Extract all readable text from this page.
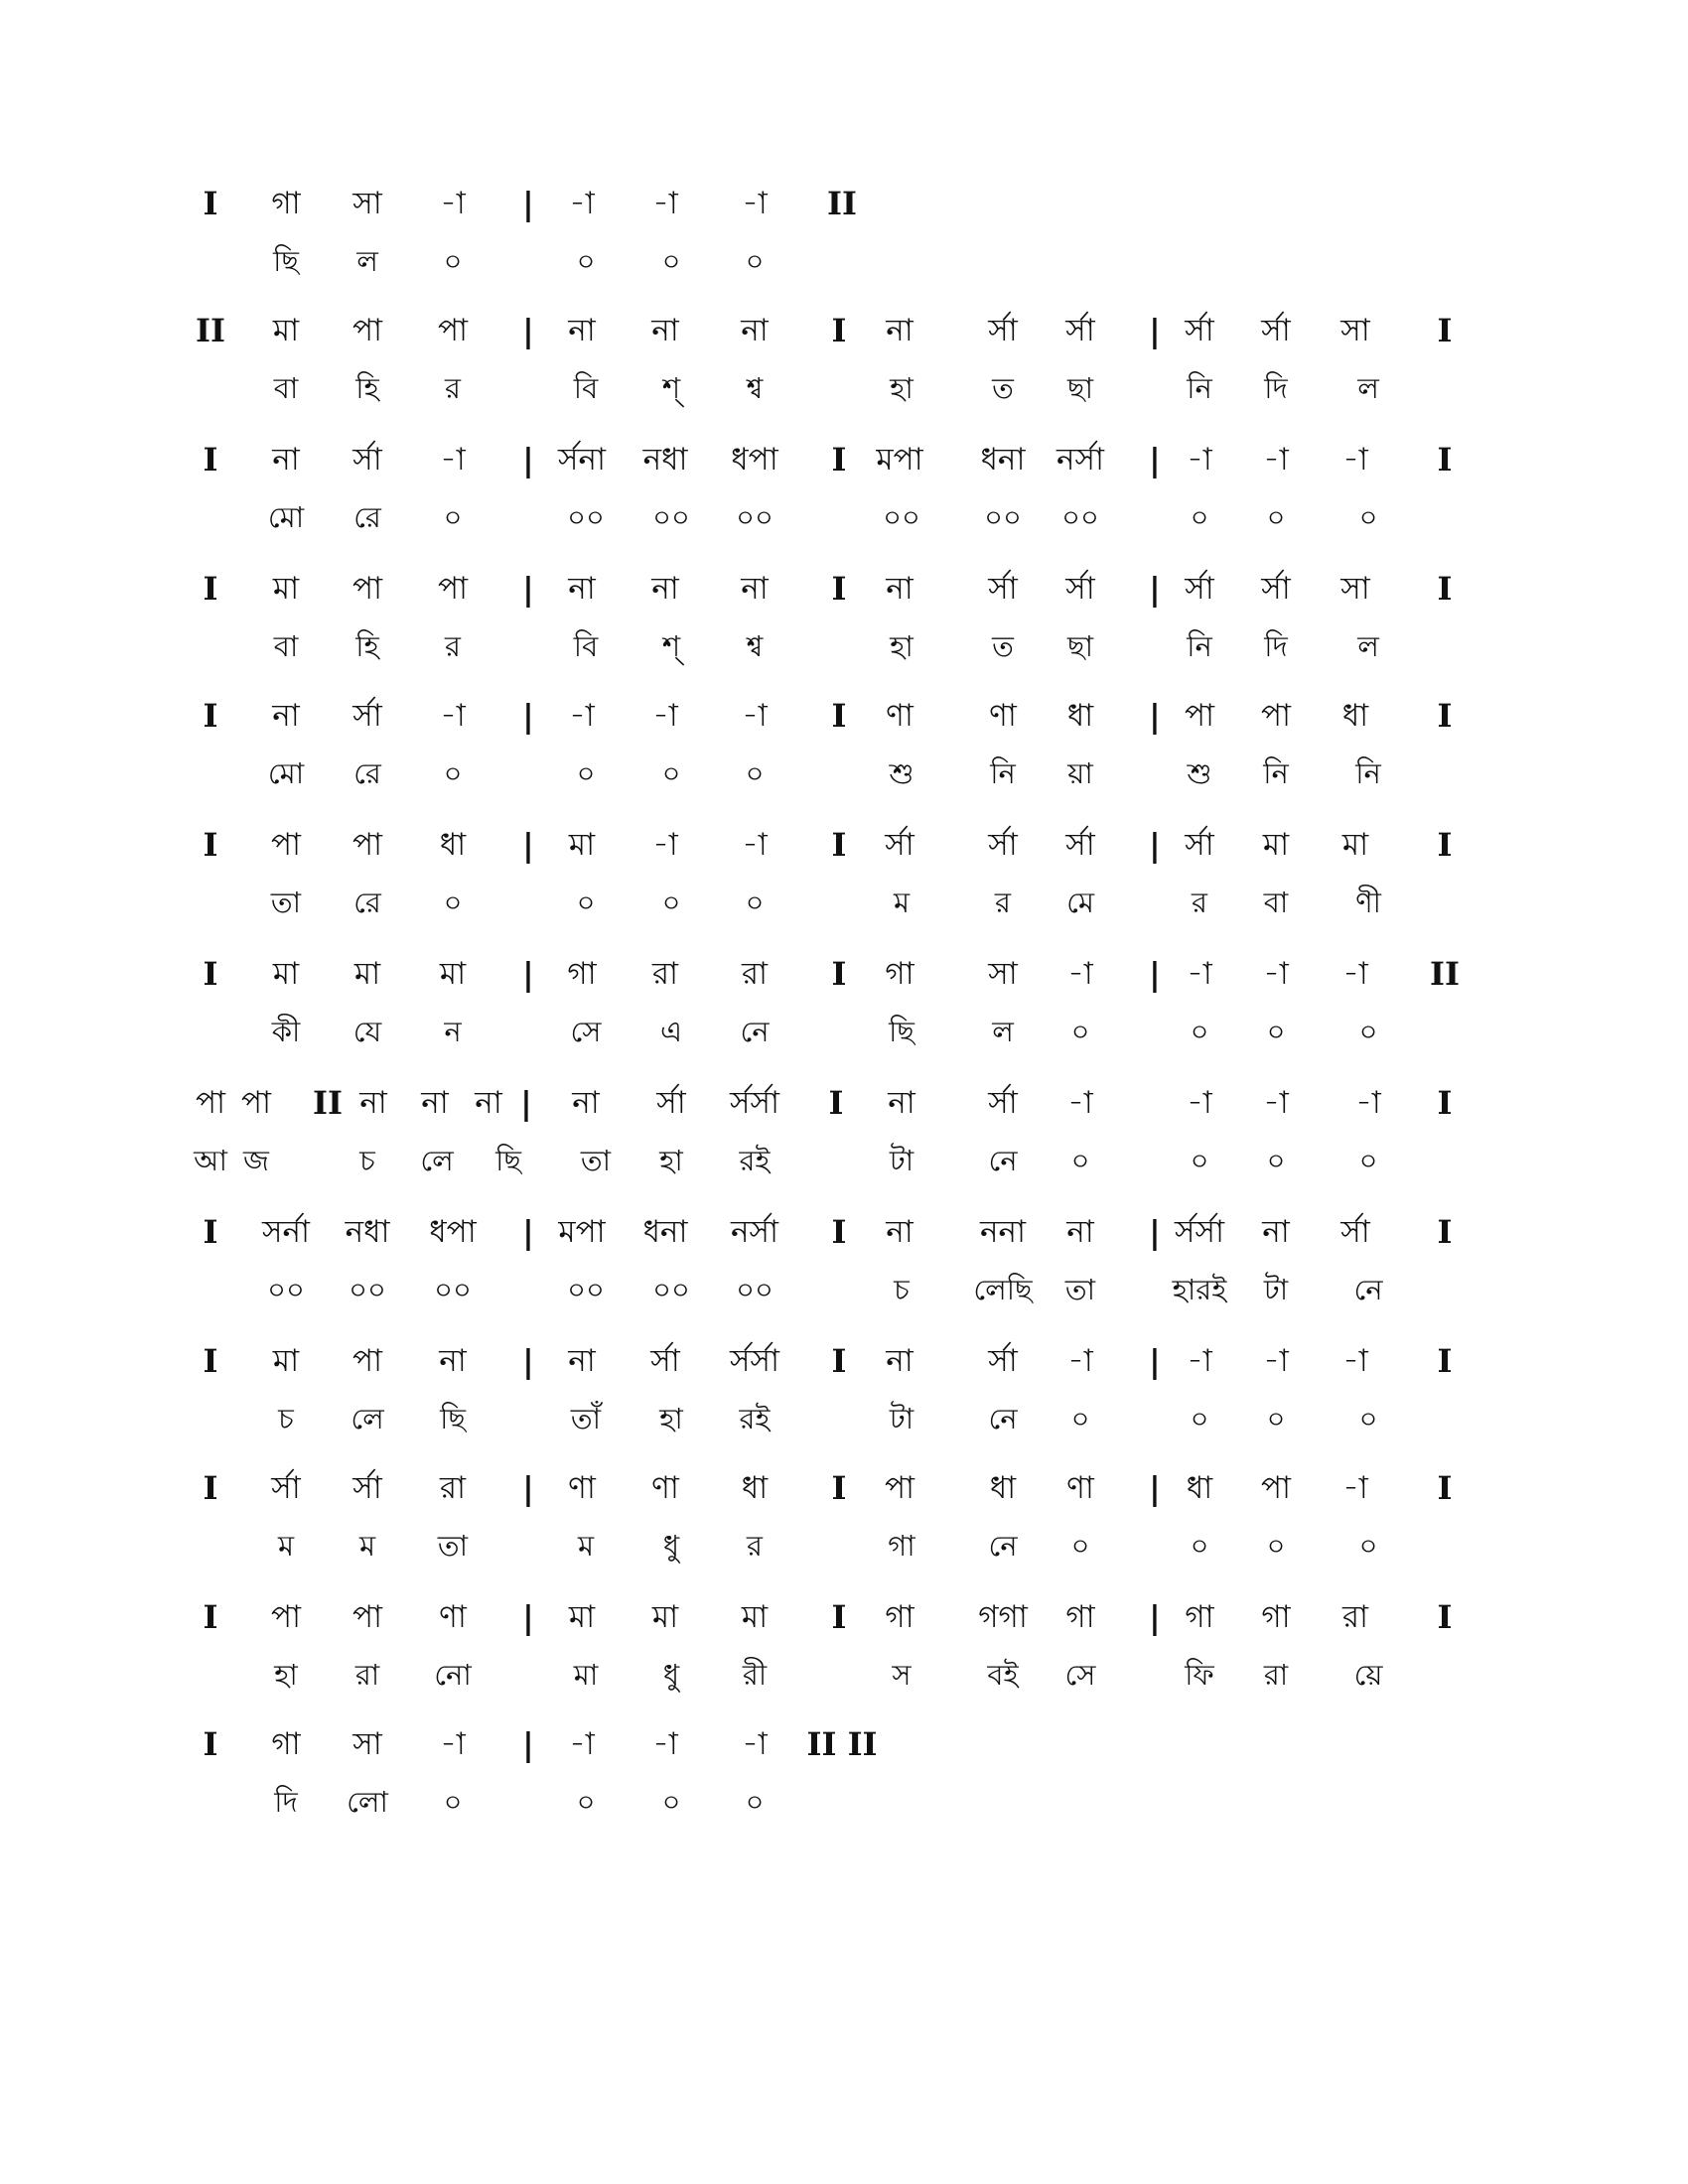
I গা সা -া | -া -া -া II
ছি ল ০	০ ০ ০
II মা পা পা | না না না I না র্সা র্সা | র্সা র্সা সা I
বা হি র	বি শ্ শ্ব	হা	ত ছা	নি দি ল
I না র্সা -া | র্সনা নধা ধপা I মপা ধনা নর্সা | -া -া -া I
মো রে ০	০০ ০০ ০০	০০ ০০ ০০	০ ০	০
I মা পা পা | না না না I না র্সা র্সা | র্সা র্সা সা I
বা হি র	বি শ্ শ্ব	হা	ত ছা	নি দি ল
I না র্সা -া | -া -া -া I ণা ণা ধা | পা পা ধা I
মো রে ০	০ ০ ০	শু	নি য়া	শু নি নি
I পা পা ধা | মা -া -া I র্সা র্সা র্সা | র্সা মা মা I
তা রে ০	০ ০ ০	ম	র মে	র বা ণী
I মা মা মা | গা রা রা I গা সা -া | -া -া -া II
কী যে ন	সে এ নে	ছি	ল ০	০ ০	০
পা পা II না না না | না র্সা র্সর্সা I না র্সা -া	-া -া -া I
আ জ	চ লে ছি তা হা রই	টা	নে ০	০ ০	০
I সর্না নধা ধপা | মপা ধনা নর্সা I না ননা না | র্সর্সা না র্সা I
০০ ০০ ০০	০০ ০০ ০০	চ লেছি তা	হারই টা নে
I মা পা না | না র্সা র্সর্সা I না র্সা -া | -া -া -া I
চ লে ছি	তাঁ হা রই	টা	নে ০	০ ০	০
I র্সা র্সা রা | ণা ণা ধা I পা ধা ণা | ধা পা -া I
ম ম তা	ম ধু র	গা	নে ০	০ ০	০
I পা পা ণা | মা মা মা I গা গগা গা | গা গা রা I
হা রা নো	মা ধু রী	স	বই সে	ফি রা য়ে
I গা সা -া | -া -া -া II II
দি লো ০	০ ০ ০
